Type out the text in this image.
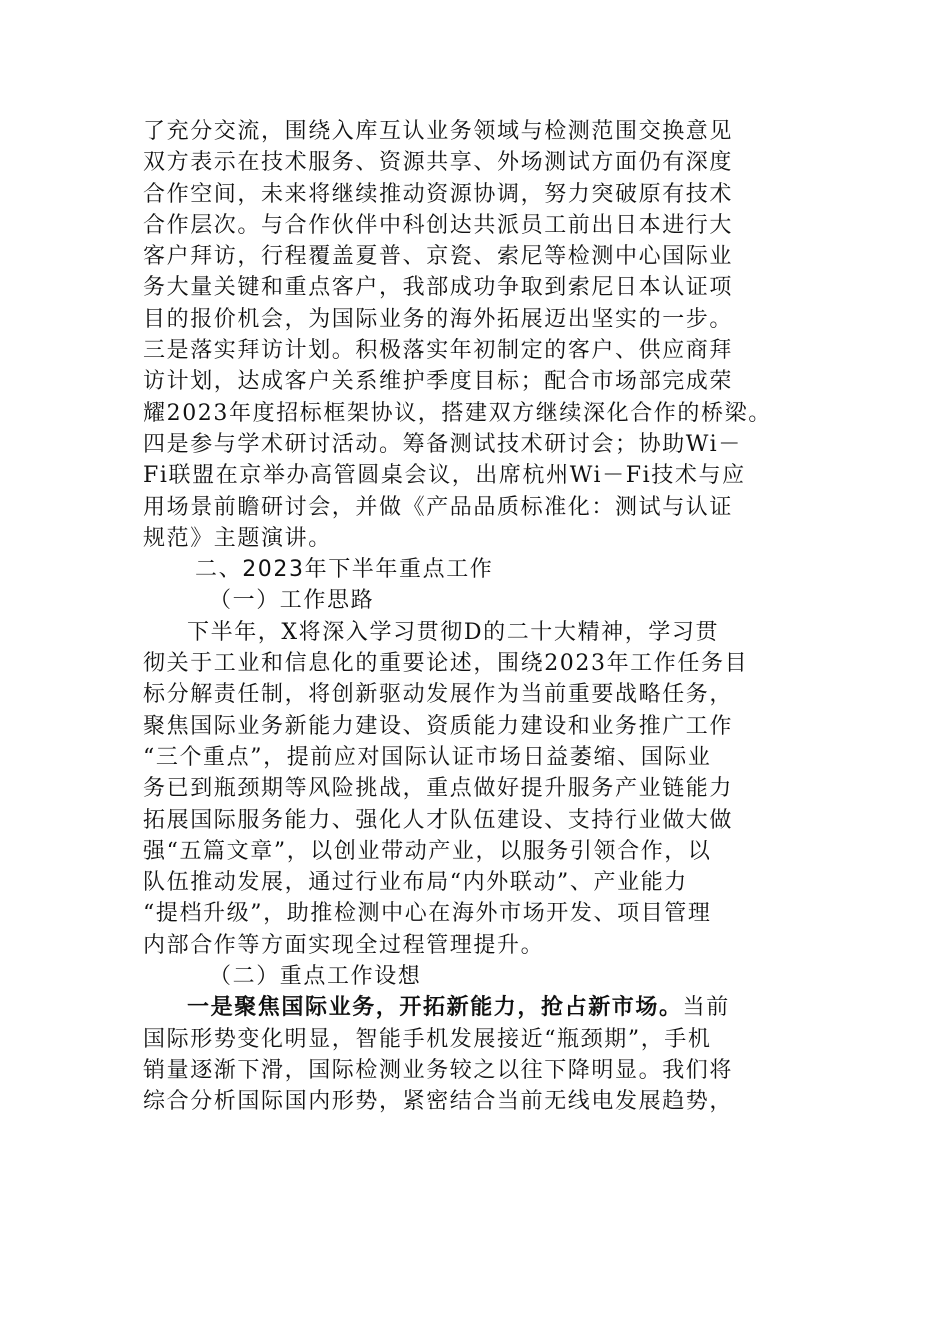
了充分交流，围绕入库互认业务领域与检测范围交换意见
双方表示在技术服务、资源共享、外场测试方面仍有深度
合作空间，未来将继续推动资源协调，努力突破原有技术
合作层次。与合作伙伴中科创达共派员工前出日本进行大
客户拜访，行程覆盖夏普、京瓷、索尼等检测中心国际业
务大量关键和重点客户，我部成功争取到索尼日本认证项
目的报价机会，为国际业务的海外拓展迈出坚实的一步。
三是落实拜访计划。积极落实年初制定的客户、供应商拜
访计划，达成客户关系维护季度目标；配合市场部完成荣
耀2023年度招标框架协议，搭建双方继续深化合作的桥梁。
四是参与学术研讨活动。筹备测试技术研讨会；协助Wi－
Fi联盟在京举办高管圆桌会议，出席杭州Wi－Fi技术与应
用场景前瞻研讨会，并做《产品品质标准化：测试与认证
规范》主题演讲。
二、2023年下半年重点工作
（一）工作思路
下半年，X将深入学习贯彻D的二十大精神，学习贯
彻关于工业和信息化的重要论述，围绕2023年工作任务目
标分解责任制，将创新驱动发展作为当前重要战略任务，
聚焦国际业务新能力建设、资质能力建设和业务推广工作
“三个重点”，提前应对国际认证市场日益萎缩、国际业
务已到瓶颈期等风险挑战，重点做好提升服务产业链能力
拓展国际服务能力、强化人才队伍建设、支持行业做大做
强“五篇文章”，以创业带动产业，以服务引领合作，以
队伍推动发展，通过行业布局“内外联动”、产业能力
“提档升级”，助推检测中心在海外市场开发、项目管理
内部合作等方面实现全过程管理提升。
（二）重点工作设想
一是聚焦国际业务，开拓新能力，抢占新市场。当前
国际形势变化明显，智能手机发展接近“瓶颈期”，手机
销量逐渐下滑，国际检测业务较之以往下降明显。我们将
综合分析国际国内形势，紧密结合当前无线电发展趋势，
